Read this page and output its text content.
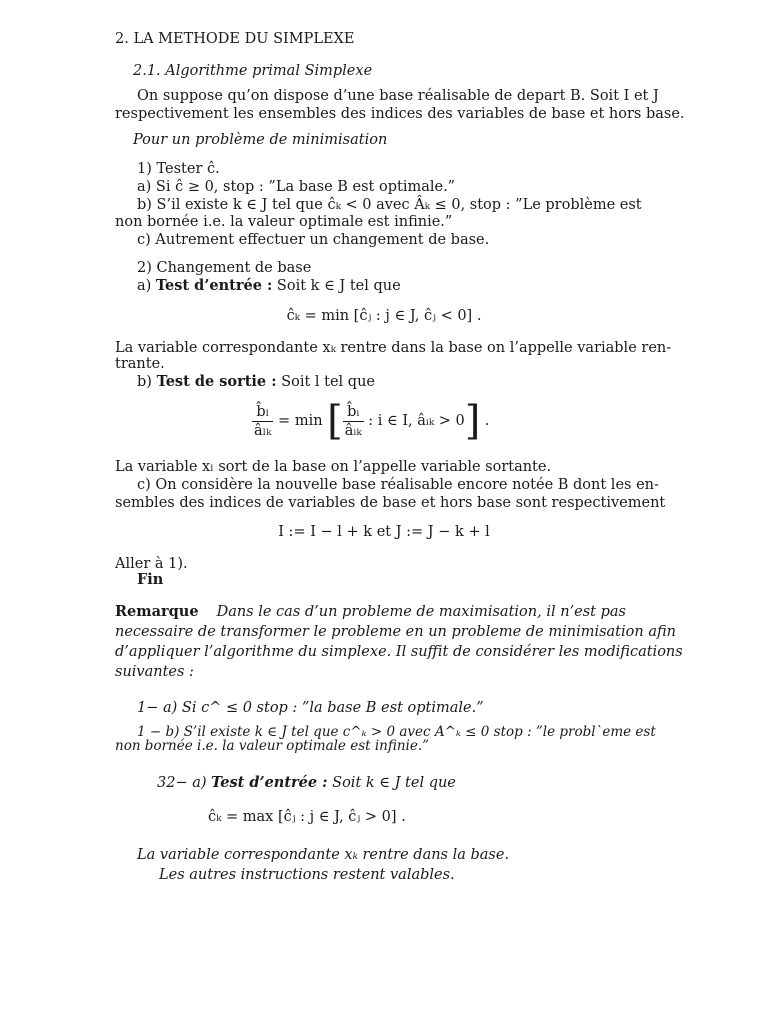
2. LA METHODE DU SIMPLEXE
2.1. Algorithme primal Simplexe
On suppose qu’on dispose d’une base réalisable de depart B. Soit I et J
respectivement les ensembles des indices des variables de base et hors base.
Pour un problème de minimisation
1) Tester ĉ.
a) Si ĉ ≥ 0, stop : ”La base B est optimale.”
b) S’il existe k ∈ J tel que ĉₖ < 0 avec Âₖ ≤ 0, stop : ”Le problème est
non bornée i.e. la valeur optimale est infinie.”
c) Autrement effectuer un changement de base.
2) Changement de base
a) Test d’entrée : Soit k ∈ J tel que
ĉₖ = min [ĉⱼ : j ∈ J, ĉⱼ < 0] .
La variable correspondante xₖ rentre dans la base on l’appelle variable ren-
trante.
b) Test de sortie : Soit l tel que
$\frac{\text{b̂ₗ}}{\text{âₗₖ}} = \min$ [ $\frac{\text{b̂ᵢ}}{\text{âᵢₖ}}$ : i ∈ I, âᵢₖ > 0] .
La variable xₗ sort de la base on l’appelle variable sortante.
c) On considère la nouvelle base réalisable encore notée B dont les en-
sembles des indices de variables de base et hors base sont respectivement
I := I − l + k et J := J − k + l
Aller à 1).
Fin
Remarque Dans le cas d’un probleme de maximisation, il n’est pas
necessaire de transformer le probleme en un probleme de minimisation afin
d’appliquer l’algorithme du simplexe. Il suffit de considérer les modifications
suivantes :
1− a) Si c^ ≤ 0 stop : ”la base B est optimale.”
1 − b) S’il existe k ∈ J tel que c^ₖ > 0 avec A^ₖ ≤ 0 stop : ”le probl`eme est
non bornée i.e. la valeur optimale est infinie.”
32− a) Test d’entrée : Soit k ∈ J tel que
ĉₖ = max [ĉⱼ : j ∈ J, ĉⱼ > 0] .
La variable correspondante xₖ rentre dans la base.
Les autres instructions restent valables.
